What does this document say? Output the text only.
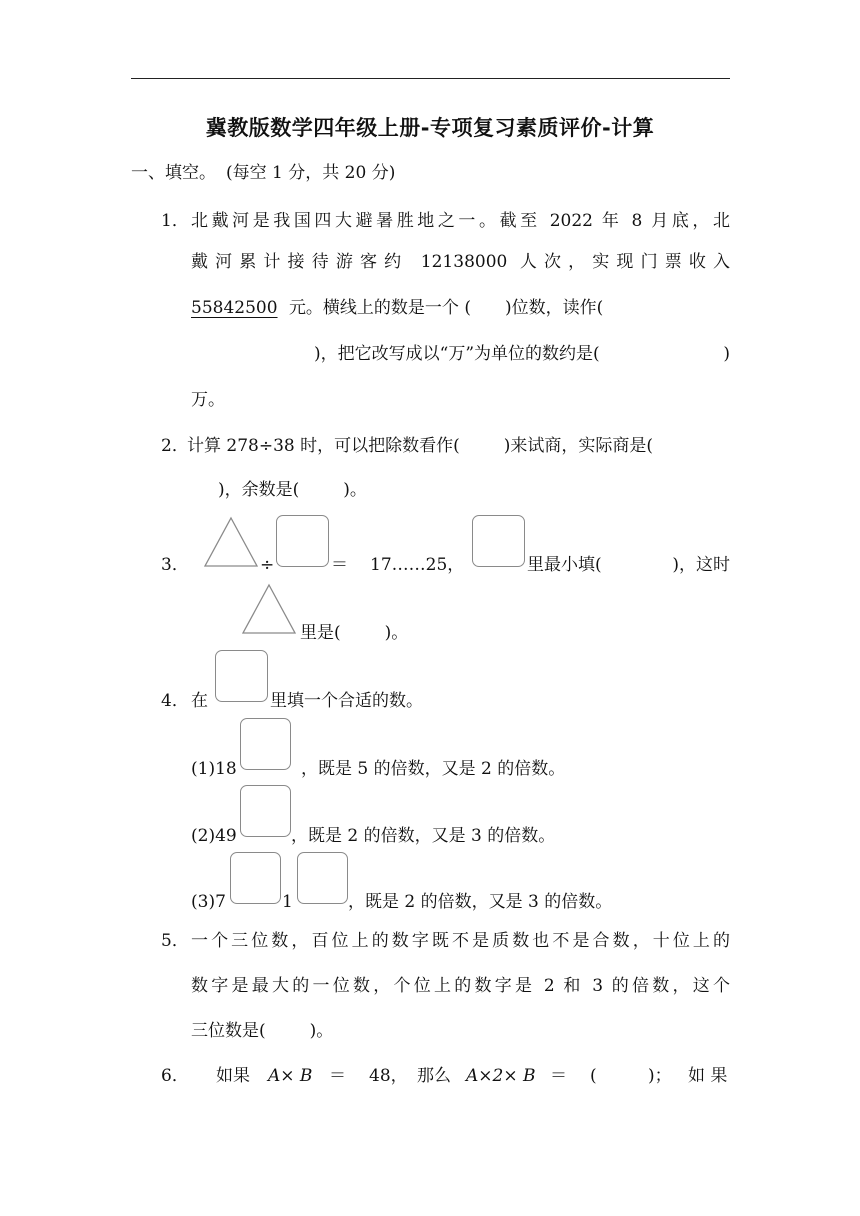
冀教版数学四年级上册-专项复习素质评价-计算
一、填空。 (每空 1 分，共 20 分)
1． 北戴河是我国四大避暑胜地之一。截至 2022 年 8 月底，北
戴河累计接待游客约 12138000 人次，实现门票收入
55842500 元。横线上的数是一个 ( )位数，读作(
)，把它改写成以“万”为单位的数约是(	)
万。
2．
计算 278÷38 时，可以把除数看作(	)来试商，实际商是(
)，余数是(	)。
3．	÷	＝ 17……25，	里最小填(	)，这时
里是(	)。
4． 在	里填一个合适的数。
(1)18	，既是 5 的倍数，又是 2 的倍数。
(2)49	，既是 2 的倍数，又是 3 的倍数。
(3)7	1	，既是 2 的倍数，又是 3 的倍数。
5． 一个三位数，百位上的数字既不是质数也不是合数，十位上的
数字是最大的一位数，个位上的数字是 2 和 3 的倍数，这个
三位数是(	)。
6． 如果 A× B ＝ 48， 那么 A×2× B ＝ (	)； 如 果
